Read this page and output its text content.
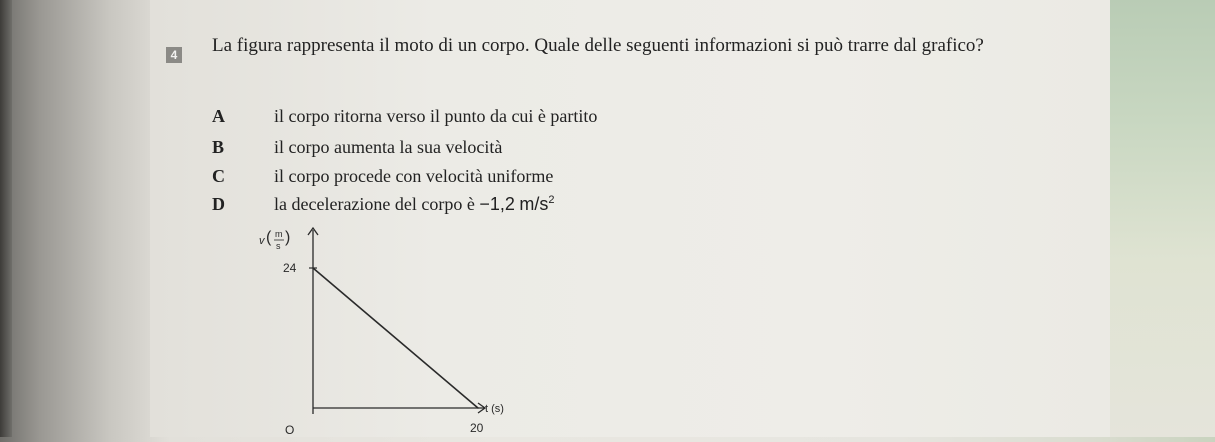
4 La figura rappresenta il moto di un corpo. Quale delle seguenti informazioni si può trarre dal grafico?
A	il corpo ritorna verso il punto da cui è partito
B	il corpo aumenta la sua velocità
C	il corpo procede con velocità uniforme
D	la decelerazione del corpo è −1,2 $m/s^2$
v ( m
s )
t (s)
O
24
20
